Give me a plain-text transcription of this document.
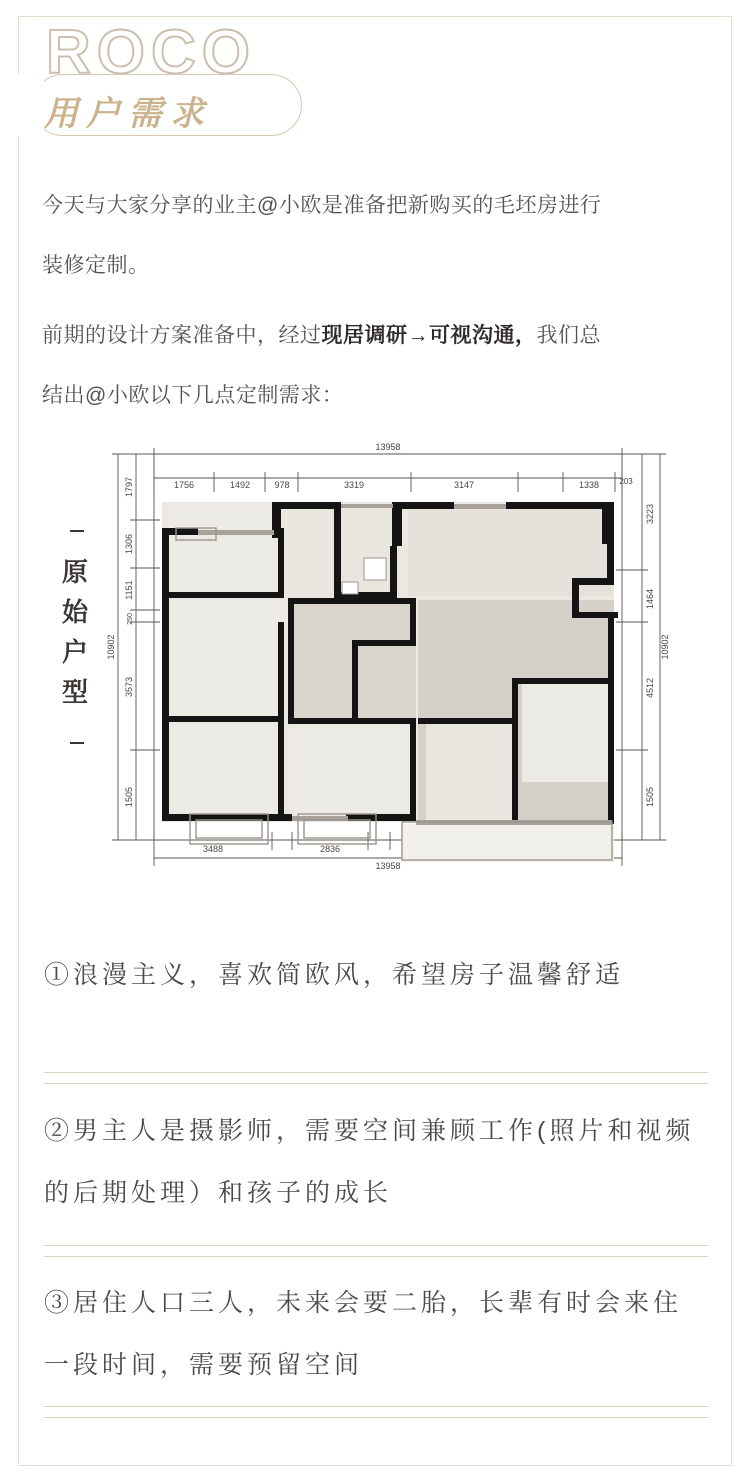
ROCO
用户需求
今天与大家分享的业主@小欧是准备把新购买的毛坯房进行
装修定制。
前期的设计方案准备中，经过现居调研→可视沟通，我们总
结出@小欧以下几点定制需求：
原始户型
13958
1756	1492	978	3319	3147	1338	203
3488	2836
13958
1797
1306
1151
250
3573
1505
10902
3223
1464
4512
1505
10902
①浪漫主义，喜欢简欧风，希望房子温馨舒适
②男主人是摄影师，需要空间兼顾工作(照片和视频的后期处理）和孩子的成长
③居住人口三人，未来会要二胎，长辈有时会来住一段时间，需要预留空间
